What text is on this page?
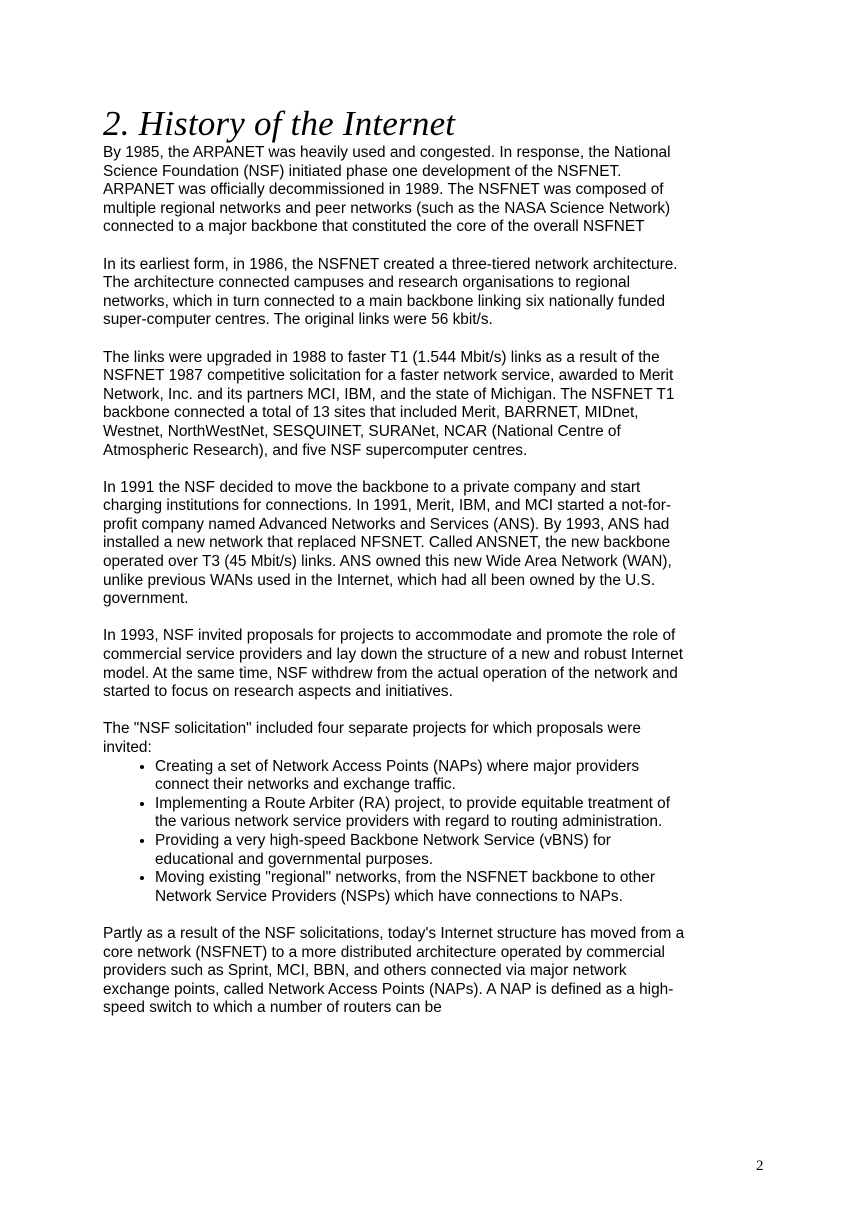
2. History of the Internet

By 1985, the ARPANET was heavily used and congested. In response, the National Science Foundation (NSF) initiated phase one development of the NSFNET. ARPANET was officially decommissioned in 1989. The NSFNET was composed of multiple regional networks and peer networks (such as the NASA Science Network) connected to a major backbone that constituted the core of the overall NSFNET

In its earliest form, in 1986, the NSFNET created a three-tiered network architecture. The architecture connected campuses and research organisations to regional networks, which in turn connected to a main backbone linking six nationally funded super-computer centres. The original links were 56 kbit/s.

The links were upgraded in 1988 to faster T1 (1.544 Mbit/s) links as a result of the NSFNET 1987 competitive solicitation for a faster network service, awarded to Merit Network, Inc. and its partners MCI, IBM, and the state of Michigan. The NSFNET T1 backbone connected a total of 13 sites that included Merit, BARRNET, MIDnet, Westnet, NorthWestNet, SESQUINET, SURANet, NCAR (National Centre of Atmospheric Research), and five NSF supercomputer centres.

In 1991 the NSF decided to move the backbone to a private company and start charging institutions for connections. In 1991, Merit, IBM, and MCI started a not-for-profit company named Advanced Networks and Services (ANS). By 1993, ANS had installed a new network that replaced NFSNET. Called ANSNET, the new backbone operated over T3 (45 Mbit/s) links. ANS owned this new Wide Area Network (WAN), unlike previous WANs used in the Internet, which had all been owned by the U.S. government.

In 1993, NSF invited proposals for projects to accommodate and promote the role of commercial service providers and lay down the structure of a new and robust Internet model. At the same time, NSF withdrew from the actual operation of the network and started to focus on research aspects and initiatives.

The "NSF solicitation" included four separate projects for which proposals were invited:

• Creating a set of Network Access Points (NAPs) where major providers connect their networks and exchange traffic.
• Implementing a Route Arbiter (RA) project, to provide equitable treatment of the various network service providers with regard to routing administration.
• Providing a very high-speed Backbone Network Service (vBNS) for educational and governmental purposes.
• Moving existing "regional" networks, from the NSFNET backbone to other Network Service Providers (NSPs) which have connections to NAPs.

Partly as a result of the NSF solicitations, today's Internet structure has moved from a core network (NSFNET) to a more distributed architecture operated by commercial providers such as Sprint, MCI, BBN, and others connected via major network exchange points, called Network Access Points (NAPs). A NAP is defined as a high-speed switch to which a number of routers can be

2
